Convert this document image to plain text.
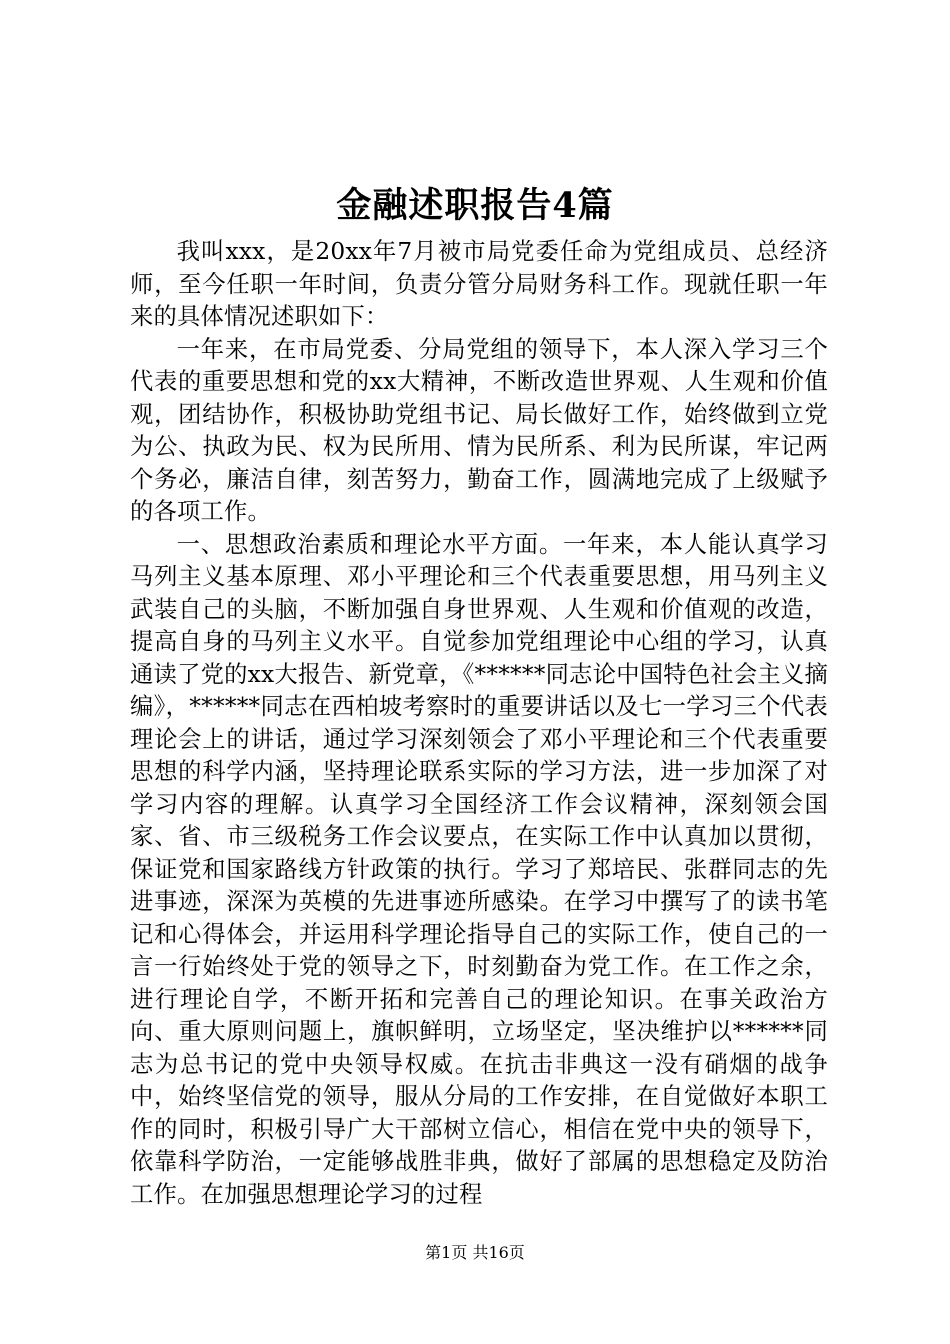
金融述职报告4篇

我叫xxx，是20xx年7月被市局党委任命为党组成员、总经济师，至今任职一年时间，负责分管分局财务科工作。现就任职一年来的具体情况述职如下：

一年来，在市局党委、分局党组的领导下，本人深入学习三个代表的重要思想和党的xx大精神，不断改造世界观、人生观和价值观，团结协作，积极协助党组书记、局长做好工作，始终做到立党为公、执政为民、权为民所用、情为民所系、利为民所谋，牢记两个务必，廉洁自律，刻苦努力，勤奋工作，圆满地完成了上级赋予的各项工作。

一、思想政治素质和理论水平方面。一年来，本人能认真学习马列主义基本原理、邓小平理论和三个代表重要思想，用马列主义武装自己的头脑，不断加强自身世界观、人生观和价值观的改造，提高自身的马列主义水平。自觉参加党组理论中心组的学习，认真通读了党的xx大报告、新党章，《******同志论中国特色社会主义摘编》，******同志在西柏坡考察时的重要讲话以及七一学习三个代表理论会上的讲话，通过学习深刻领会了邓小平理论和三个代表重要思想的科学内涵，坚持理论联系实际的学习方法，进一步加深了对学习内容的理解。认真学习全国经济工作会议精神，深刻领会国家、省、市三级税务工作会议要点，在实际工作中认真加以贯彻，保证党和国家路线方针政策的执行。学习了郑培民、张群同志的先进事迹，深深为英模的先进事迹所感染。在学习中撰写了的读书笔记和心得体会，并运用科学理论指导自己的实际工作，使自己的一言一行始终处于党的领导之下，时刻勤奋为党工作。在工作之余，进行理论自学，不断开拓和完善自己的理论知识。在事关政治方向、重大原则问题上，旗帜鲜明，立场坚定，坚决维护以******同志为总书记的党中央领导权威。在抗击非典这一没有硝烟的战争中，始终坚信党的领导，服从分局的工作安排，在自觉做好本职工作的同时，积极引导广大干部树立信心，相信在党中央的领导下，依靠科学防治，一定能够战胜非典，做好了部属的思想稳定及防治工作。在加强思想理论学习的过程

第1页 共16页
